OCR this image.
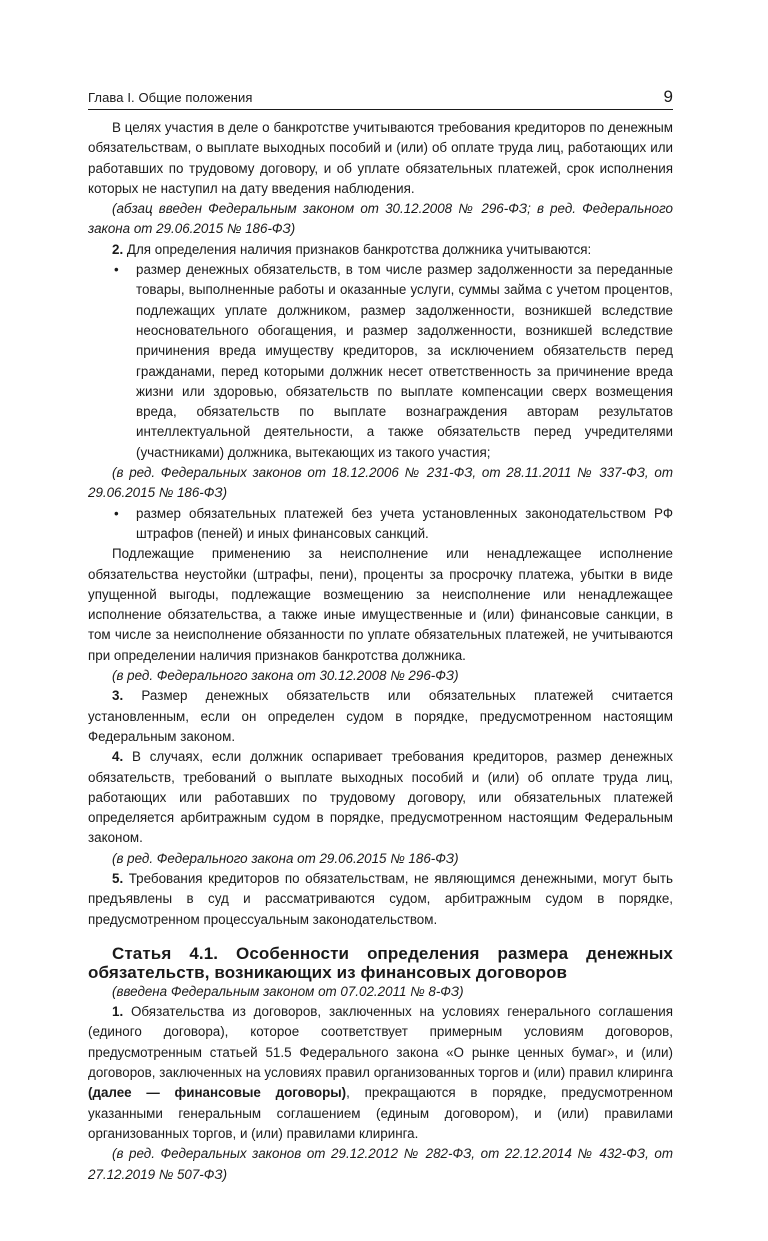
Глава I. Общие положения	9

В целях участия в деле о банкротстве учитываются требования кредиторов по денежным обязательствам, о выплате выходных пособий и (или) об оплате труда лиц, работающих или работавших по трудовому договору, и об уплате обязательных платежей, срок исполнения которых не наступил на дату введения наблюдения.

(абзац введен Федеральным законом от 30.12.2008 № 296-ФЗ; в ред. Федерального закона от 29.06.2015 № 186-ФЗ)

2. Для определения наличия признаков банкротства должника учитываются:

• размер денежных обязательств, в том числе размер задолженности за переданные товары, выполненные работы и оказанные услуги, суммы займа с учетом процентов, подлежащих уплате должником, размер задолженности, возникшей вследствие неосновательного обогащения, и размер задолженности, возникшей вследствие причинения вреда имуществу кредиторов, за исключением обязательств перед гражданами, перед которыми должник несет ответственность за причинение вреда жизни или здоровью, обязательств по выплате компенсации сверх возмещения вреда, обязательств по выплате вознаграждения авторам результатов интеллектуальной деятельности, а также обязательств перед учредителями (участниками) должника, вытекающих из такого участия;

(в ред. Федеральных законов от 18.12.2006 № 231-ФЗ, от 28.11.2011 № 337-ФЗ, от 29.06.2015 № 186-ФЗ)

• размер обязательных платежей без учета установленных законодательством РФ штрафов (пеней) и иных финансовых санкций.

Подлежащие применению за неисполнение или ненадлежащее исполнение обязательства неустойки (штрафы, пени), проценты за просрочку платежа, убытки в виде упущенной выгоды, подлежащие возмещению за неисполнение или ненадлежащее исполнение обязательства, а также иные имущественные и (или) финансовые санкции, в том числе за неисполнение обязанности по уплате обязательных платежей, не учитываются при определении наличия признаков банкротства должника.

(в ред. Федерального закона от 30.12.2008 № 296-ФЗ)

3. Размер денежных обязательств или обязательных платежей считается установленным, если он определен судом в порядке, предусмотренном настоящим Федеральным законом.

4. В случаях, если должник оспаривает требования кредиторов, размер денежных обязательств, требований о выплате выходных пособий и (или) об оплате труда лиц, работающих или работавших по трудовому договору, или обязательных платежей определяется арбитражным судом в порядке, предусмотренном настоящим Федеральным законом.

(в ред. Федерального закона от 29.06.2015 № 186-ФЗ)

5. Требования кредиторов по обязательствам, не являющимся денежными, могут быть предъявлены в суд и рассматриваются судом, арбитражным судом в порядке, предусмотренном процессуальным законодательством.

Статья 4.1. Особенности определения размера денежных обязательств, возникающих из финансовых договоров

(введена Федеральным законом от 07.02.2011 № 8-ФЗ)

1. Обязательства из договоров, заключенных на условиях генерального соглашения (единого договора), которое соответствует примерным условиям договоров, предусмотренным статьей 51.5 Федерального закона «О рынке ценных бумаг», и (или) договоров, заключенных на условиях правил организованных торгов и (или) правил клиринга (далее — финансовые договоры), прекращаются в порядке, предусмотренном указанными генеральным соглашением (единым договором), и (или) правилами организованных торгов, и (или) правилами клиринга.

(в ред. Федеральных законов от 29.12.2012 № 282-ФЗ, от 22.12.2014 № 432-ФЗ, от 27.12.2019 № 507-ФЗ)
